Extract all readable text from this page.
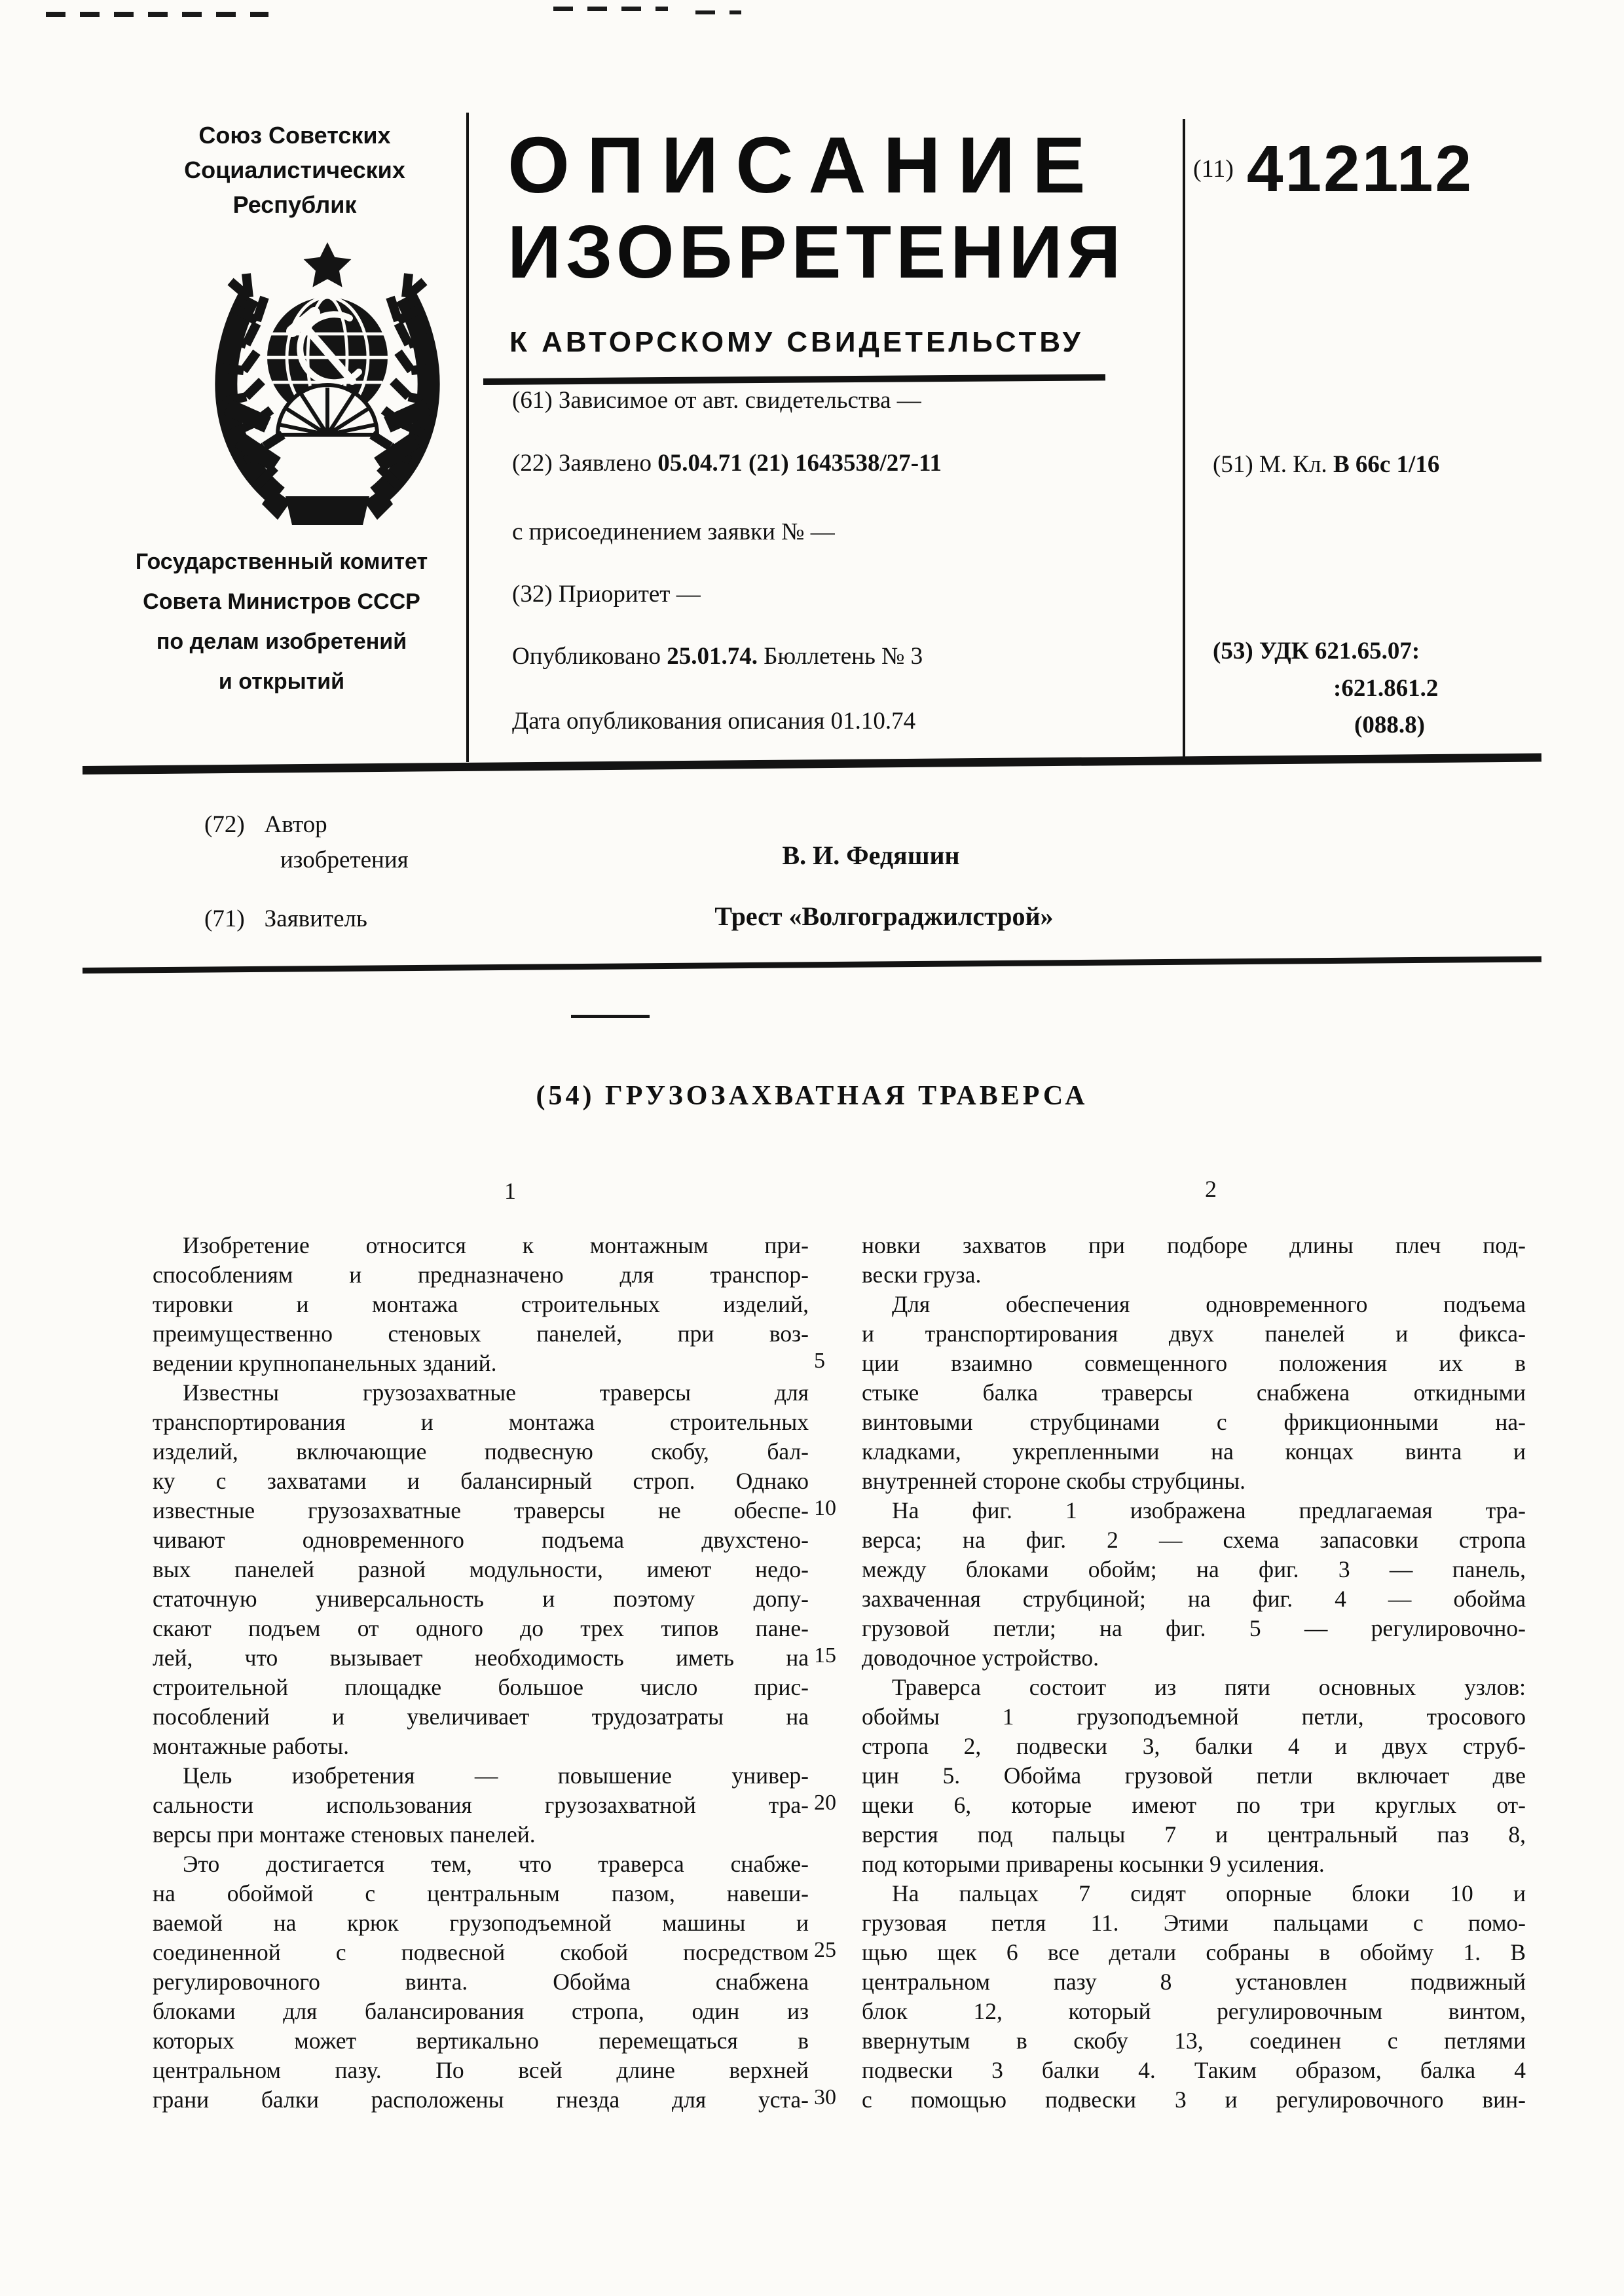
Союз Советских
Социалистических
Республик
Государственный комитет
Совета Министров СССР
по делам изобретений
и открытий
ОПИСАНИЕ
ИЗОБРЕТЕНИЯ
К АВТОРСКОМУ СВИДЕТЕЛЬСТВУ
(11) 412112
(61) Зависимое от авт. свидетельства —
(22) Заявлено 05.04.71 (21) 1643538/27-11
с присоединением заявки № —
(32) Приоритет —
Опубликовано 25.01.74. Бюллетень № 3
Дата опубликования описания 01.10.74
(51) М. Кл. В 66с 1/16
(53) УДК 621.65.07:
:621.861.2
(088.8)
(72) Автор
изобретения	В. И. Федяшин
(71) Заявитель	Трест «Волгограджилстрой»
(54) ГРУЗОЗАХВАТНАЯ ТРАВЕРСА
1	2
Изобретение относится к монтажным при-
способлениям и предназначено для транспор-
тировки и монтажа строительных изделий,
преимущественно стеновых панелей, при воз-
ведении крупнопанельных зданий.
Известны грузозахватные траверсы для
транспортирования и монтажа строительных
изделий, включающие подвесную скобу, бал-
ку с захватами и балансирный строп. Однако
известные грузозахватные траверсы не обеспе-
чивают одновременного подъема двухстено-
вых панелей разной модульности, имеют недо-
статочную универсальность и поэтому допу-
скают подъем от одного до трех типов пане-
лей, что вызывает необходимость иметь на
строительной площадке большое число прис-
пособлений и увеличивает трудозатраты на
монтажные работы.
Цель изобретения — повышение универ-
сальности использования грузозахватной тра-
версы при монтаже стеновых панелей.
Это достигается тем, что траверса снабже-
на обоймой с центральным пазом, навеши-
ваемой на крюк грузоподъемной машины и
соединенной с подвесной скобой посредством
регулировочного винта. Обойма снабжена
блоками для балансирования стропа, один из
которых может вертикально перемещаться в
центральном пазу. По всей длине верхней
грани балки расположены гнезда для уста-
новки захватов при подборе длины плеч под-
вески груза.
Для обеспечения одновременного подъема
и транспортирования двух панелей и фикса-
ции взаимно совмещенного положения их в
стыке балка траверсы снабжена откидными
винтовыми струбцинами с фрикционными на-
кладками, укрепленными на концах винта и
внутренней стороне скобы струбцины.
На фиг. 1 изображена предлагаемая тра-
верса; на фиг. 2 — схема запасовки стропа
между блоками обойм; на фиг. 3 — панель,
захваченная струбциной; на фиг. 4 — обойма
грузовой петли; на фиг. 5 — регулировочно-
доводочное устройство.
Траверса состоит из пяти основных узлов:
обоймы 1 грузоподъемной петли, тросового
стропа 2, подвески 3, балки 4 и двух струб-
цин 5. Обойма грузовой петли включает две
щеки 6, которые имеют по три круглых от-
верстия под пальцы 7 и центральный паз 8,
под которыми приварены косынки 9 усиления.
На пальцах 7 сидят опорные блоки 10 и
грузовая петля 11. Этими пальцами с помо-
щью щек 6 все детали собраны в обойму 1. В
центральном пазу 8 установлен подвижный
блок 12, который регулировочным винтом,
ввернутым в скобу 13, соединен с петлями
подвески 3 балки 4. Таким образом, балка 4
с помощью подвески 3 и регулировочного вин-
5
10
15
20
25
30
